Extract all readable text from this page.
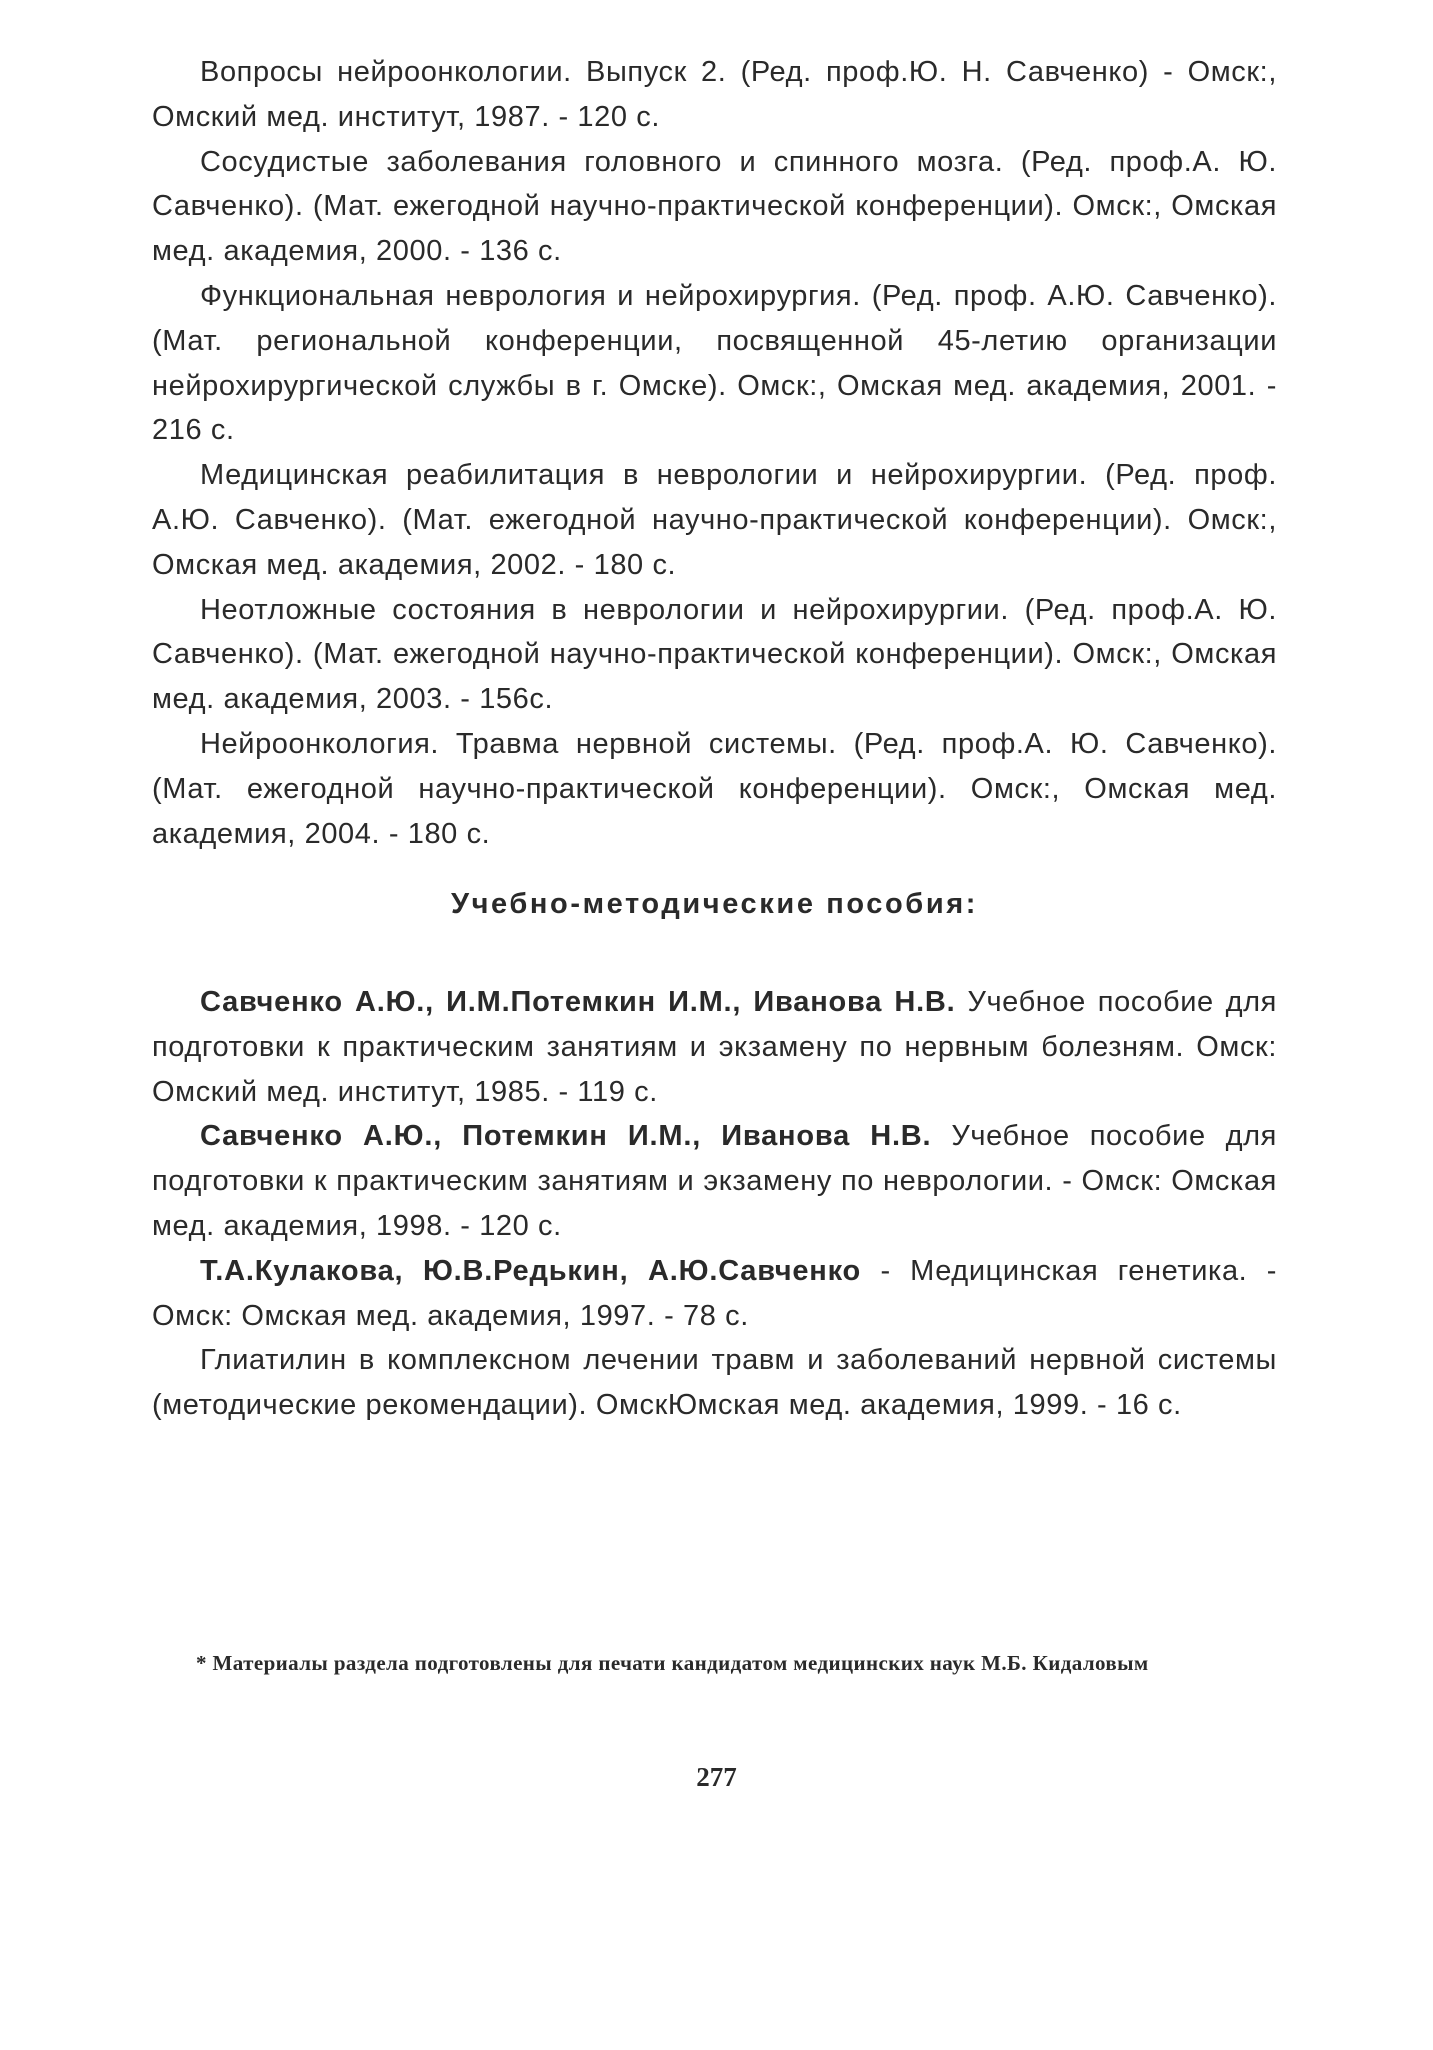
Вопросы нейроонкологии. Выпуск 2. (Ред. проф.Ю. Н. Савченко) - Омск:, Омский мед. институт, 1987. - 120 с.

Сосудистые заболевания головного и спинного мозга. (Ред. проф.А. Ю. Савченко). (Мат. ежегодной научно-практической конференции). Омск:, Омская мед. академия, 2000. - 136 с.

Функциональная неврология и нейрохирургия. (Ред. проф. А.Ю. Савченко). (Мат. региональной конференции, посвященной 45-летию организации нейрохирургической службы в г. Омске). Омск:, Омская мед. академия, 2001. - 216 с.

Медицинская реабилитация в неврологии и нейрохирургии. (Ред. проф. А.Ю. Савченко). (Мат. ежегодной научно-практической конференции). Омск:, Омская мед. академия, 2002. - 180 с.

Неотложные состояния в неврологии и нейрохирургии. (Ред. проф.А. Ю. Савченко). (Мат. ежегодной научно-практической конференции). Омск:, Омская мед. академия, 2003. - 156с.

Нейроонкология. Травма нервной системы. (Ред. проф.А. Ю. Савченко). (Мат. ежегодной научно-практической конференции). Омск:, Омская мед. академия, 2004. - 180 с.

Учебно-методические пособия:

Савченко А.Ю., И.М.Потемкин И.М., Иванова Н.В. Учебное пособие для подготовки к практическим занятиям и экзамену по нервным болезням. Омск: Омский мед. институт, 1985. - 119 с.

Савченко А.Ю., Потемкин И.М., Иванова Н.В. Учебное пособие для подготовки к практическим занятиям и экзамену по неврологии. - Омск: Омская мед. академия, 1998. - 120 с.

Т.А.Кулакова, Ю.В.Редькин, А.Ю.Савченко - Медицинская генетика. - Омск: Омская мед. академия, 1997. - 78 с.

Глиатилин в комплексном лечении травм и заболеваний нервной системы (методические рекомендации). ОмскЮмская мед. академия, 1999. - 16 с.

* Материалы раздела подготовлены для печати кандидатом медицинских наук М.Б. Кидаловым

277
